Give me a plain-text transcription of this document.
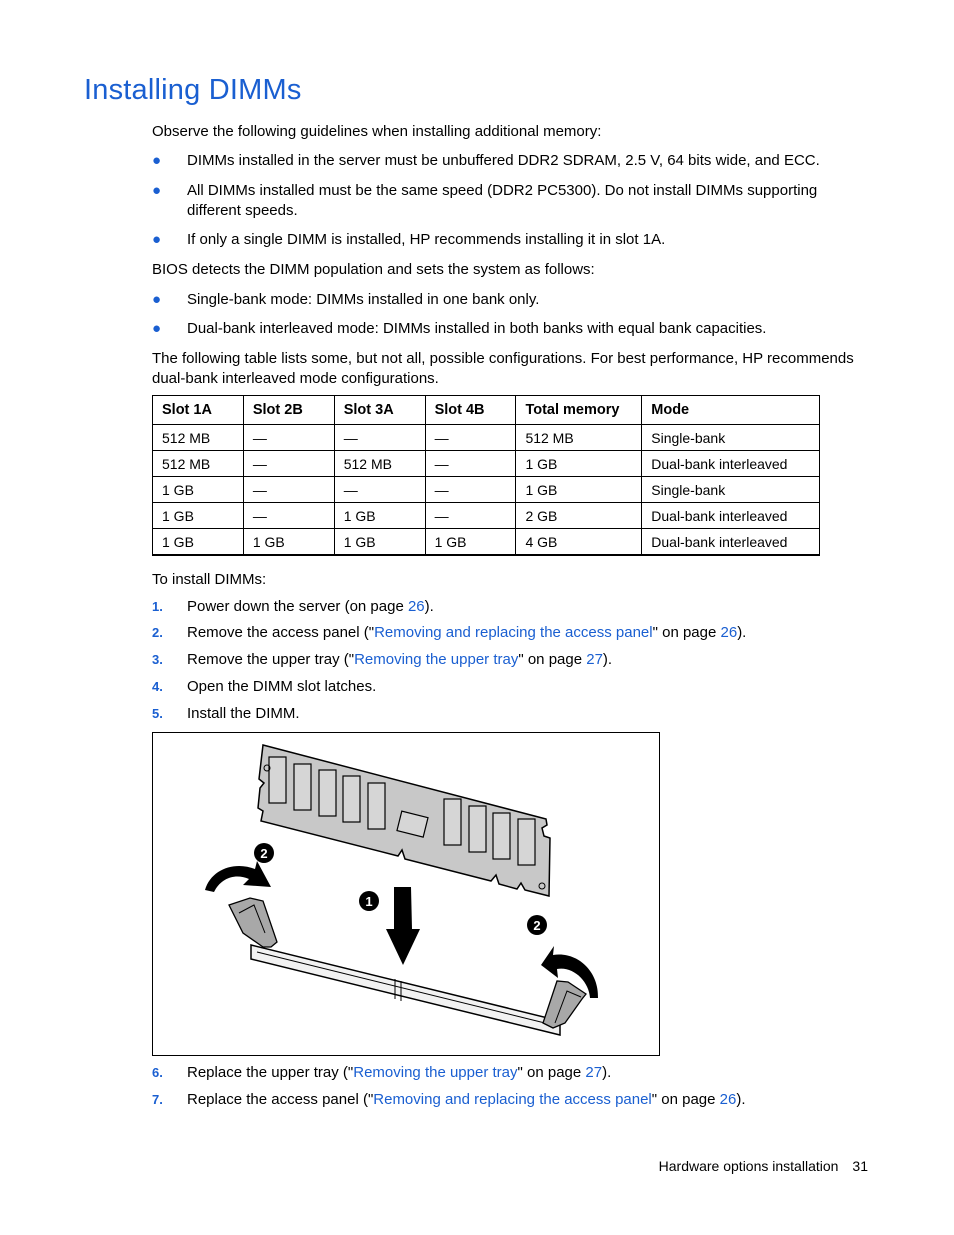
Installing DIMMs
Observe the following guidelines when installing additional memory:
● DIMMs installed in the server must be unbuffered DDR2 SDRAM, 2.5 V, 64 bits wide, and ECC.
● All DIMMs installed must be the same speed (DDR2 PC5300). Do not install DIMMs supporting different speeds.
● If only a single DIMM is installed, HP recommends installing it in slot 1A.
BIOS detects the DIMM population and sets the system as follows:
● Single-bank mode: DIMMs installed in one bank only.
● Dual-bank interleaved mode: DIMMs installed in both banks with equal bank capacities.
The following table lists some, but not all, possible configurations. For best performance, HP recommends dual-bank interleaved mode configurations.
Slot 1A	Slot 2B	Slot 3A	Slot 4B	Total memory	Mode
512 MB	—	—	—	512 MB	Single-bank
512 MB	—	512 MB	—	1 GB	Dual-bank interleaved
1 GB	—	—	—	1 GB	Single-bank
1 GB	—	1 GB	—	2 GB	Dual-bank interleaved
1 GB	1 GB	1 GB	1 GB	4 GB	Dual-bank interleaved
To install DIMMs:
1. Power down the server (on page 26).
2. Remove the access panel ("Removing and replacing the access panel" on page 26).
3. Remove the upper tray ("Removing the upper tray" on page 27).
4. Open the DIMM slot latches.
5. Install the DIMM.
2
1
2
6. Replace the upper tray ("Removing the upper tray" on page 27).
7. Replace the access panel ("Removing and replacing the access panel" on page 26).
Hardware options installation 31
